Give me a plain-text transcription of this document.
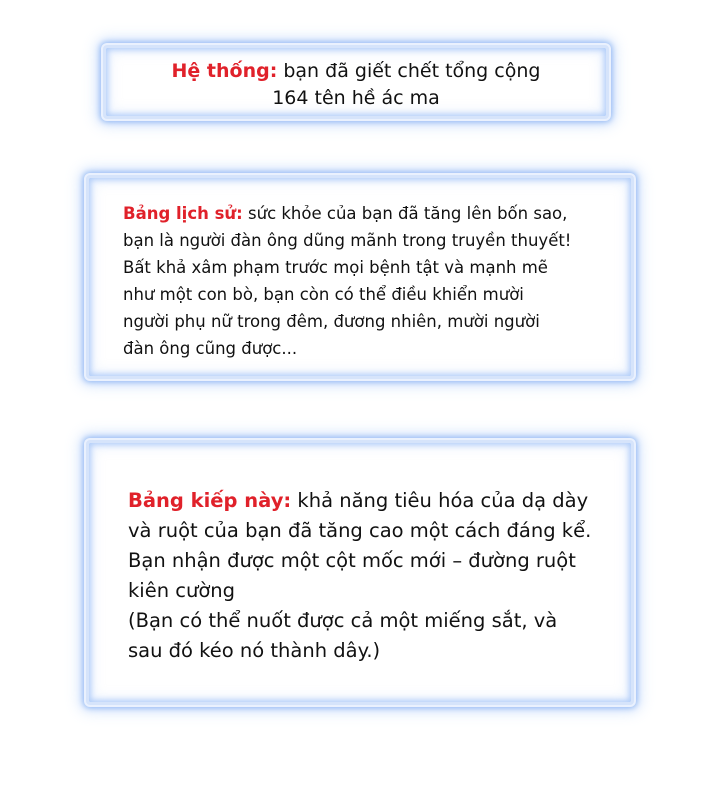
Hệ thống: bạn đã giết chết tổng cộng
164 tên hề ác ma

Bảng lịch sử: sức khỏe của bạn đã tăng lên bốn sao,
bạn là người đàn ông dũng mãnh trong truyền thuyết!
Bất khả xâm phạm trước mọi bệnh tật và mạnh mẽ
như một con bò, bạn còn có thể điều khiển mười
người phụ nữ trong đêm, đương nhiên, mười người
đàn ông cũng được...

Bảng kiếp này: khả năng tiêu hóa của dạ dày
và ruột của bạn đã tăng cao một cách đáng kể.
Bạn nhận được một cột mốc mới – đường ruột
kiên cường
(Bạn có thể nuốt được cả một miếng sắt, và
sau đó kéo nó thành dây.)
